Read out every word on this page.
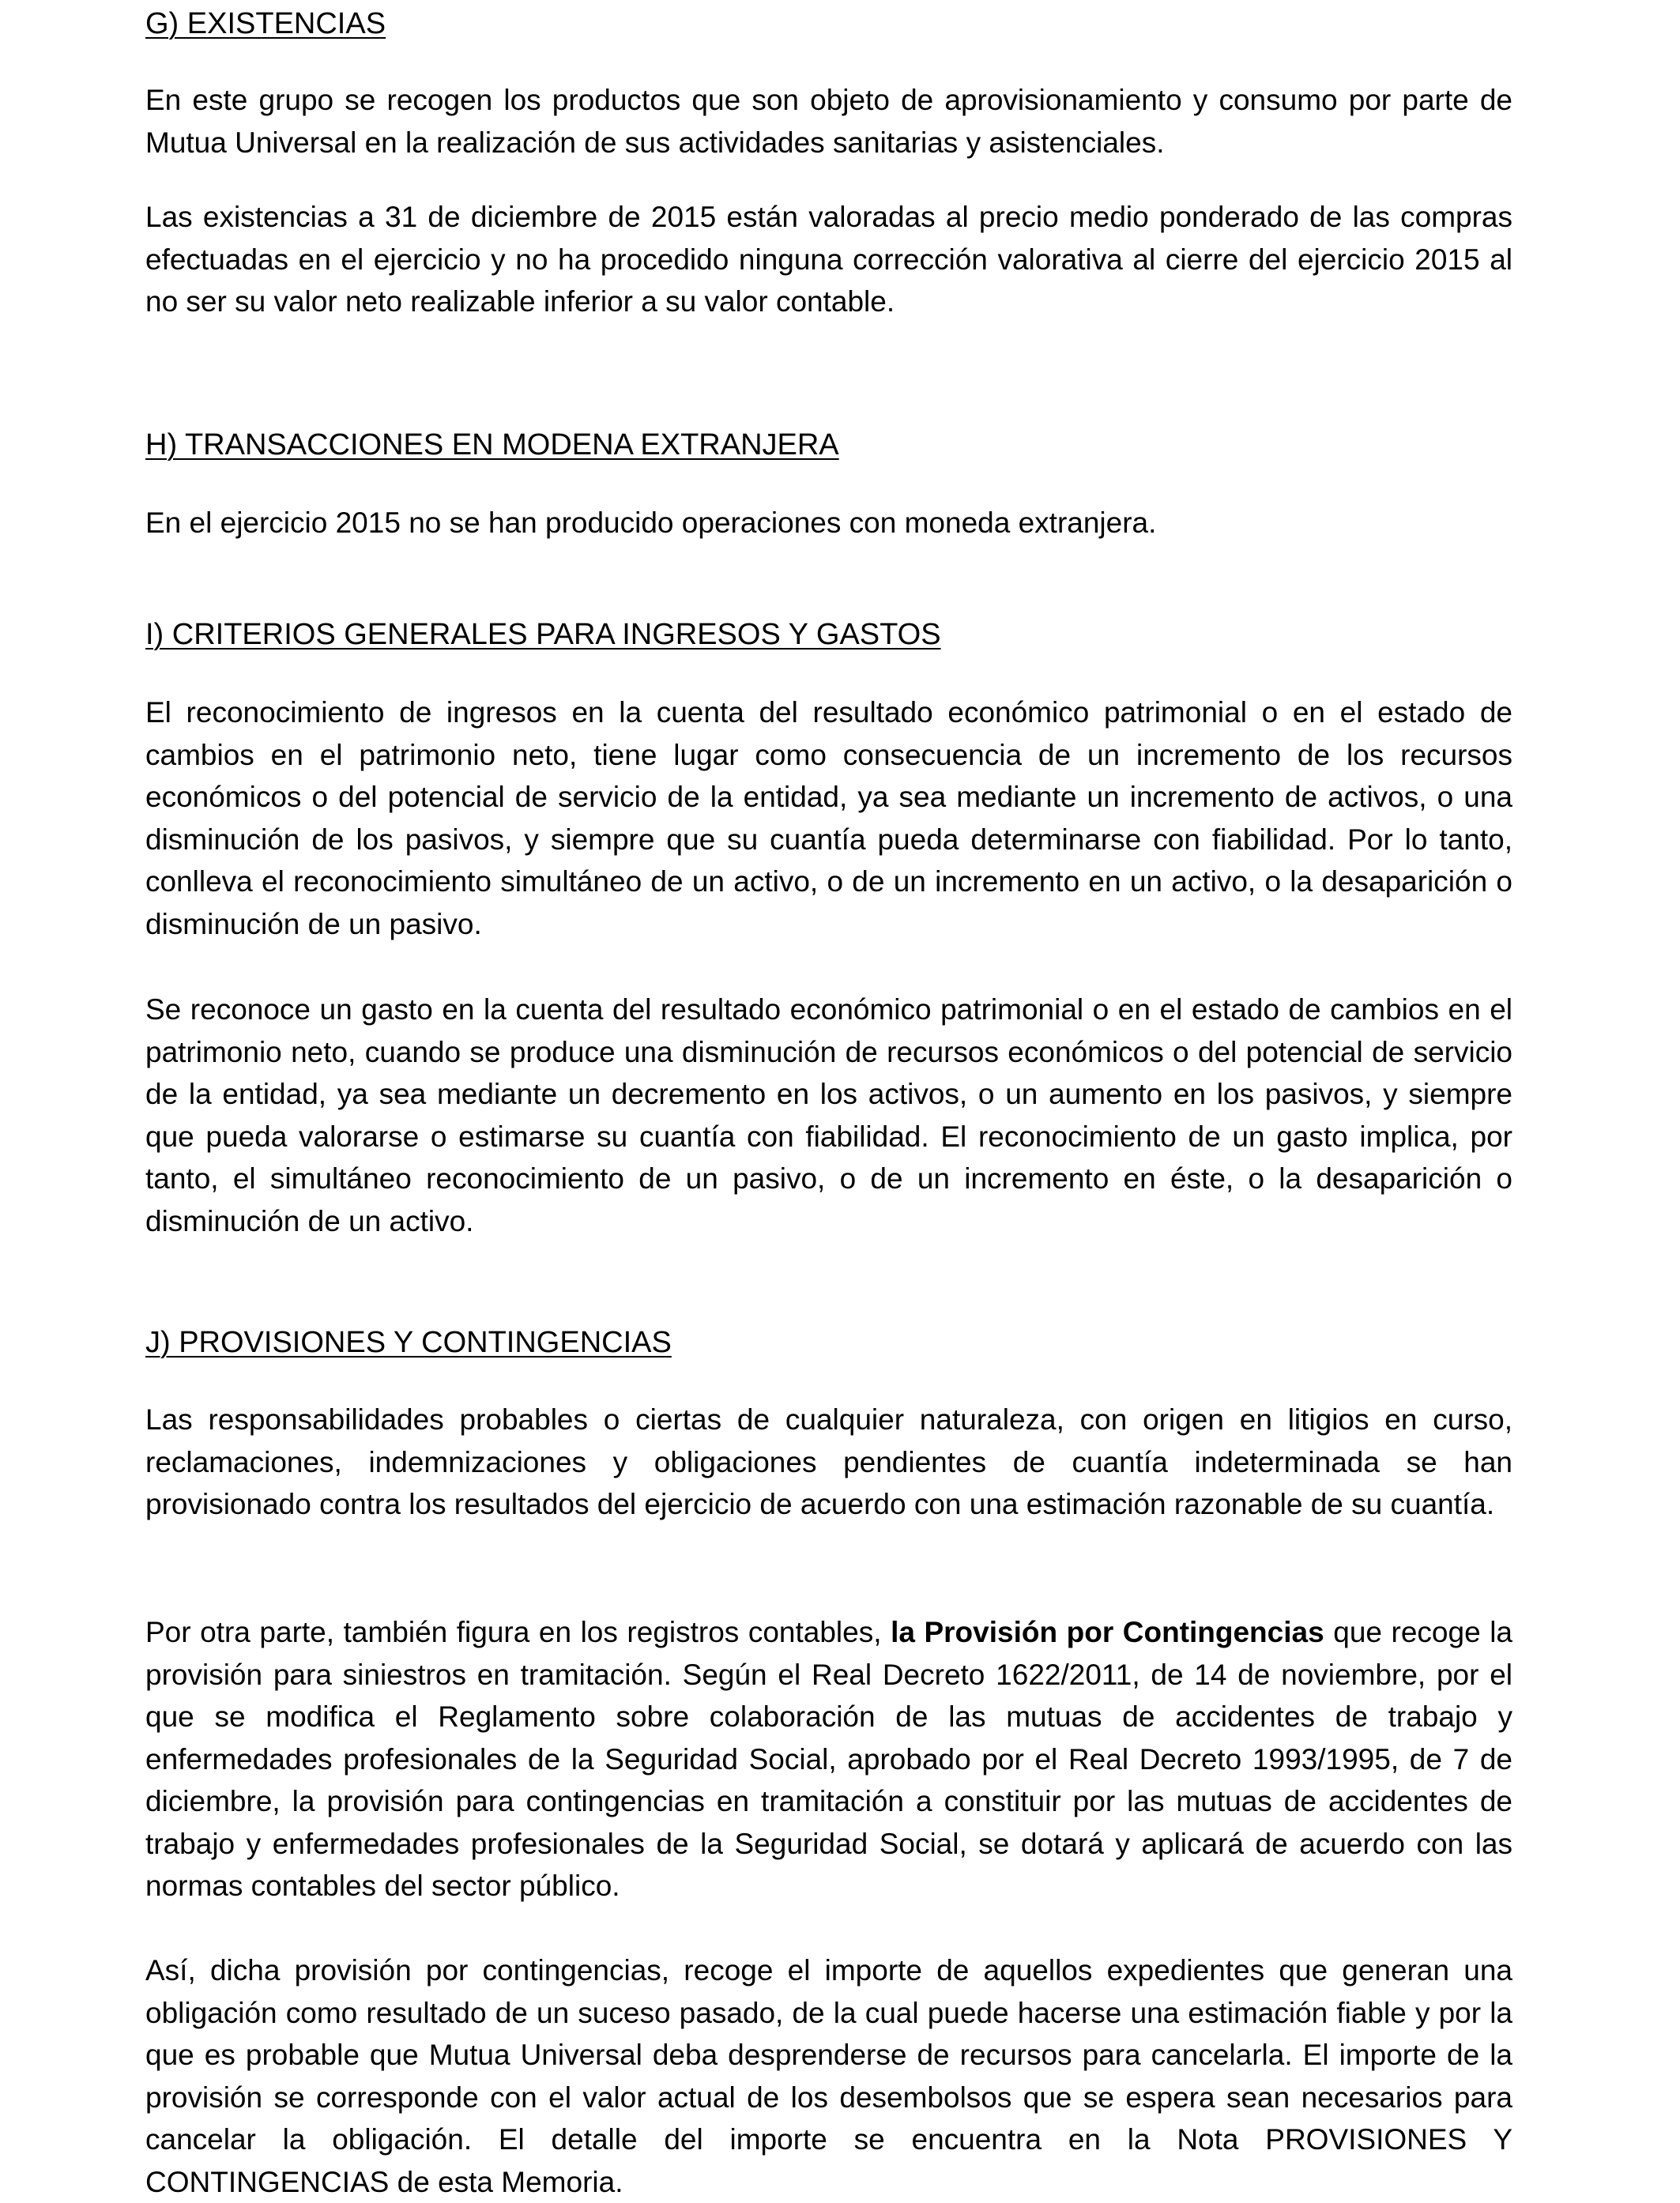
G) EXISTENCIAS

En este grupo se recogen los productos que son objeto de aprovisionamiento y consumo por parte de Mutua Universal en la realización de sus actividades sanitarias y asistenciales.

Las existencias a 31 de diciembre de 2015 están valoradas al precio medio ponderado de las compras efectuadas en el ejercicio y no ha procedido ninguna corrección valorativa al cierre del ejercicio 2015 al no ser su valor neto realizable inferior a su valor contable.

H) TRANSACCIONES EN MODENA EXTRANJERA

En el ejercicio 2015 no se han producido operaciones con moneda extranjera.

I) CRITERIOS GENERALES PARA INGRESOS Y GASTOS

El reconocimiento de ingresos en la cuenta del resultado económico patrimonial o en el estado de cambios en el patrimonio neto, tiene lugar como consecuencia de un incremento de los recursos económicos o del potencial de servicio de la entidad, ya sea mediante un incremento de activos, o una disminución de los pasivos, y siempre que su cuantía pueda determinarse con fiabilidad. Por lo tanto, conlleva el reconocimiento simultáneo de un activo, o de un incremento en un activo, o la desaparición o disminución de un pasivo.

Se reconoce un gasto en la cuenta del resultado económico patrimonial o en el estado de cambios en el patrimonio neto, cuando se produce una disminución de recursos económicos o del potencial de servicio de la entidad, ya sea mediante un decremento en los activos, o un aumento en los pasivos, y siempre que pueda valorarse o estimarse su cuantía con fiabilidad. El reconocimiento de un gasto implica, por tanto, el simultáneo reconocimiento de un pasivo, o de un incremento en éste, o la desaparición o disminución de un activo.

J) PROVISIONES Y CONTINGENCIAS

Las responsabilidades probables o ciertas de cualquier naturaleza, con origen en litigios en curso, reclamaciones, indemnizaciones y obligaciones pendientes de cuantía indeterminada se han provisionado contra los resultados del ejercicio de acuerdo con una estimación razonable de su cuantía.

Por otra parte, también figura en los registros contables, la Provisión por Contingencias que recoge la provisión para siniestros en tramitación. Según el Real Decreto 1622/2011, de 14 de noviembre, por el que se modifica el Reglamento sobre colaboración de las mutuas de accidentes de trabajo y enfermedades profesionales de la Seguridad Social, aprobado por el Real Decreto 1993/1995, de 7 de diciembre, la provisión para contingencias en tramitación a constituir por las mutuas de accidentes de trabajo y enfermedades profesionales de la Seguridad Social, se dotará y aplicará de acuerdo con las normas contables del sector público.

Así, dicha provisión por contingencias, recoge el importe de aquellos expedientes que generan una obligación como resultado de un suceso pasado, de la cual puede hacerse una estimación fiable y por la que es probable que Mutua Universal deba desprenderse de recursos para cancelarla. El importe de la provisión se corresponde con el valor actual de los desembolsos que se espera sean necesarios para cancelar la obligación. El detalle del importe se encuentra en la Nota PROVISIONES Y CONTINGENCIAS de esta Memoria.
